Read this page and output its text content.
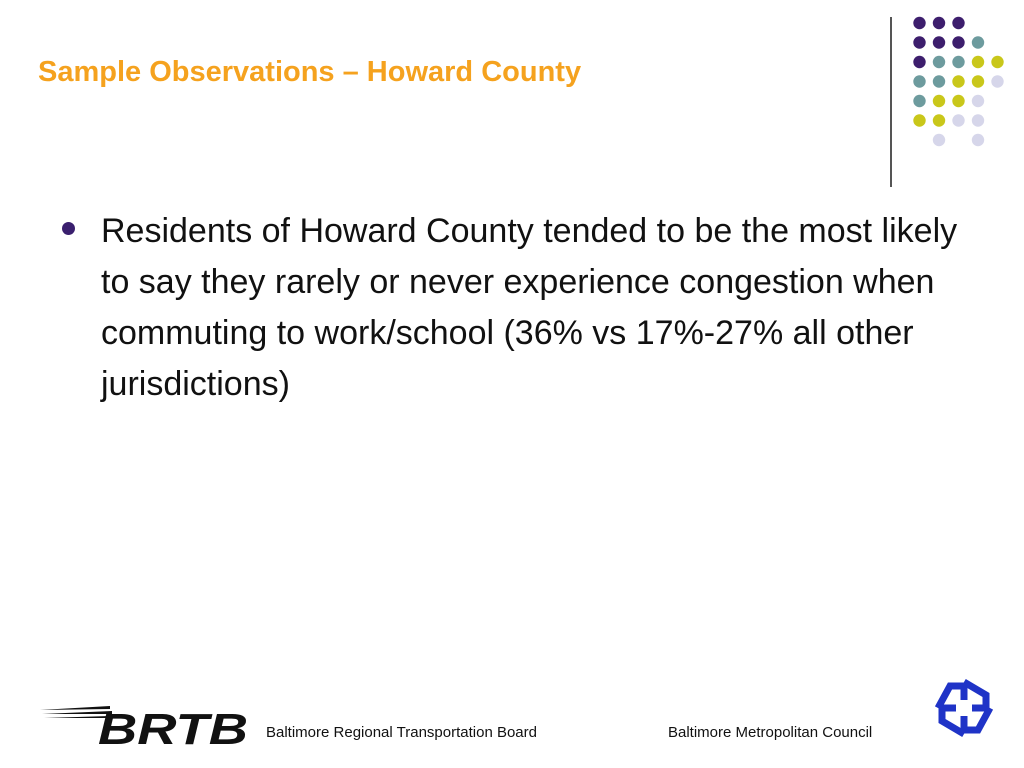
Sample Observations – Howard County
Residents of Howard County tended to be the most likely to say they rarely or never experience congestion when commuting to work/school (36% vs 17%-27% all other jurisdictions)
BRTB Baltimore Regional Transportation Board	Baltimore Metropolitan Council
